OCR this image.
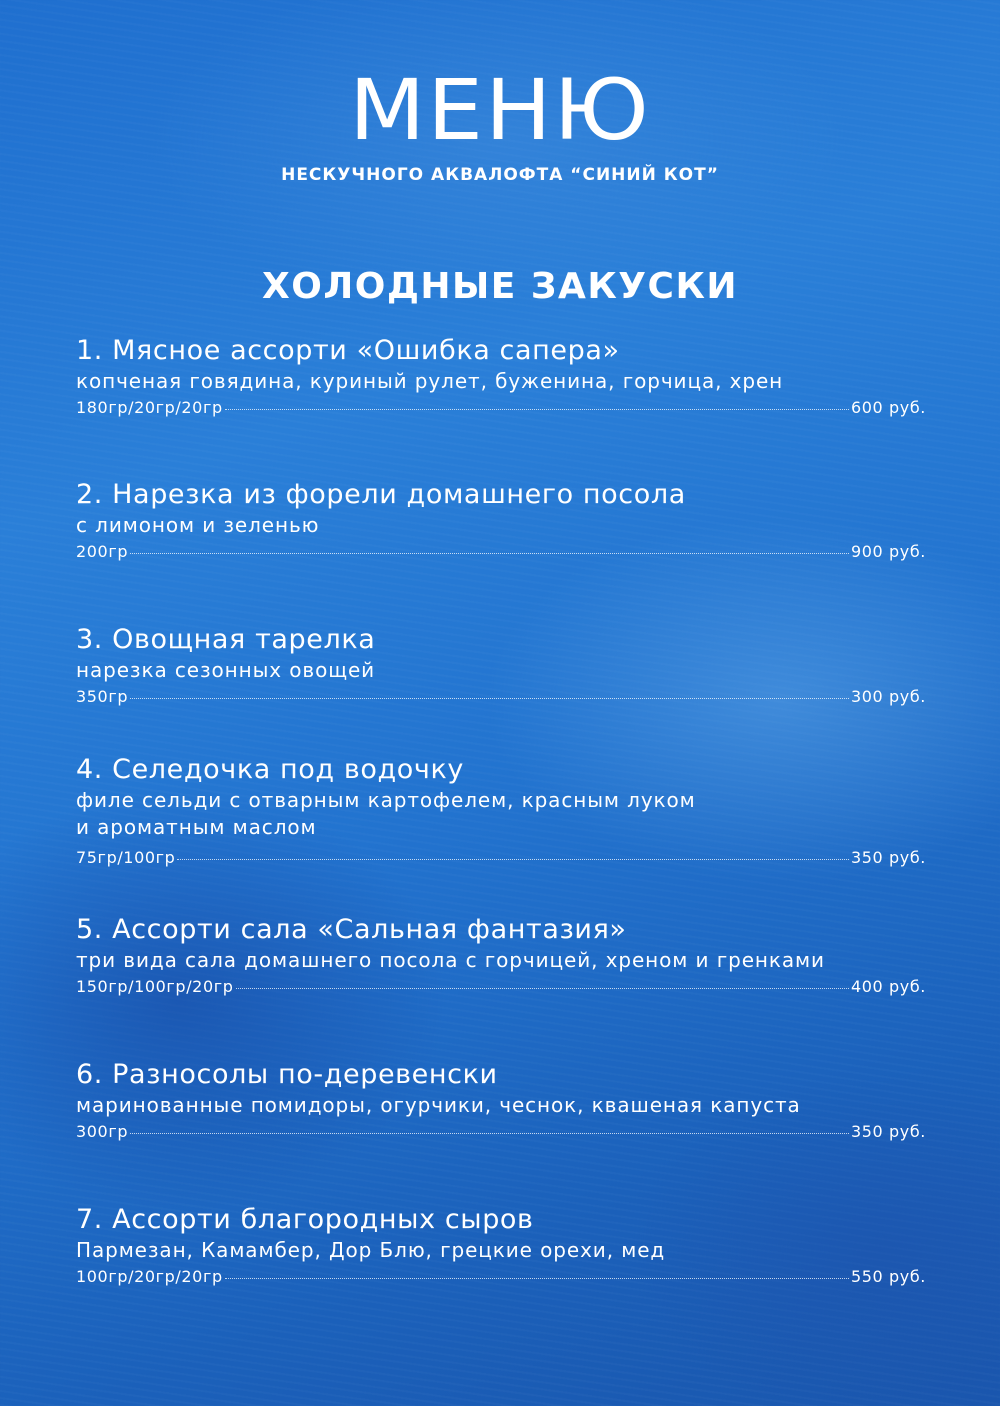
МЕНЮ
НЕСКУЧНОГО АКВАЛОФТА “СИНИЙ КОТ”
ХОЛОДНЫЕ ЗАКУСКИ
1. Мясное ассорти «Ошибка сапера»
копченая говядина, куриный рулет, буженина, горчица, хрен
180гр/20гр/20гр	600 руб.
2. Нарезка из форели домашнего посола
с лимоном и зеленью
200гр	900 руб.
3. Овощная тарелка
нарезка сезонных овощей
350гр	300 руб.
4. Селедочка под водочку
филе сельди с отварным картофелем, красным луком
и ароматным маслом
75гр/100гр	350 руб.
5. Ассорти сала «Сальная фантазия»
три вида сала домашнего посола с горчицей, хреном и гренками
150гр/100гр/20гр	400 руб.
6. Разносолы по-деревенски
маринованные помидоры, огурчики, чеснок, квашеная капуста
300гр	350 руб.
7. Ассорти благородных сыров
Пармезан, Камамбер, Дор Блю, грецкие орехи, мед
100гр/20гр/20гр	550 руб.
